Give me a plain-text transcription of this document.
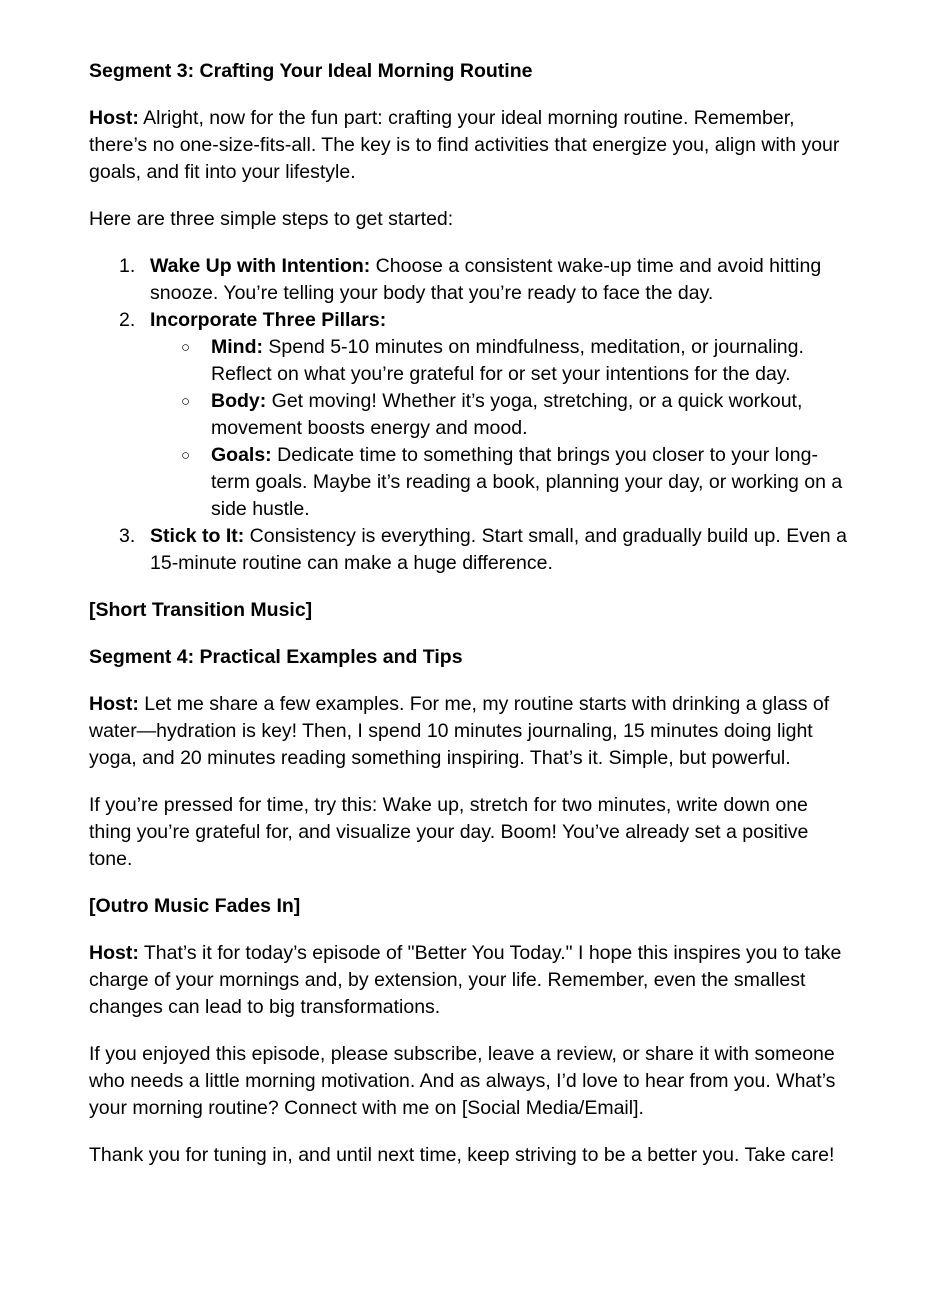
Segment 3: Crafting Your Ideal Morning Routine

Host: Alright, now for the fun part: crafting your ideal morning routine. Remember, there’s no one-size-fits-all. The key is to find activities that energize you, align with your goals, and fit into your lifestyle.

Here are three simple steps to get started:

1. Wake Up with Intention: Choose a consistent wake-up time and avoid hitting snooze. You’re telling your body that you’re ready to face the day.
2. Incorporate Three Pillars:
○ Mind: Spend 5-10 minutes on mindfulness, meditation, or journaling. Reflect on what you’re grateful for or set your intentions for the day.
○ Body: Get moving! Whether it’s yoga, stretching, or a quick workout, movement boosts energy and mood.
○ Goals: Dedicate time to something that brings you closer to your long-term goals. Maybe it’s reading a book, planning your day, or working on a side hustle.
3. Stick to It: Consistency is everything. Start small, and gradually build up. Even a 15-minute routine can make a huge difference.

[Short Transition Music]

Segment 4: Practical Examples and Tips

Host: Let me share a few examples. For me, my routine starts with drinking a glass of water—hydration is key! Then, I spend 10 minutes journaling, 15 minutes doing light yoga, and 20 minutes reading something inspiring. That’s it. Simple, but powerful.

If you’re pressed for time, try this: Wake up, stretch for two minutes, write down one thing you’re grateful for, and visualize your day. Boom! You’ve already set a positive tone.

[Outro Music Fades In]

Host: That’s it for today’s episode of "Better You Today." I hope this inspires you to take charge of your mornings and, by extension, your life. Remember, even the smallest changes can lead to big transformations.

If you enjoyed this episode, please subscribe, leave a review, or share it with someone who needs a little morning motivation. And as always, I’d love to hear from you. What’s your morning routine? Connect with me on [Social Media/Email].

Thank you for tuning in, and until next time, keep striving to be a better you. Take care!
